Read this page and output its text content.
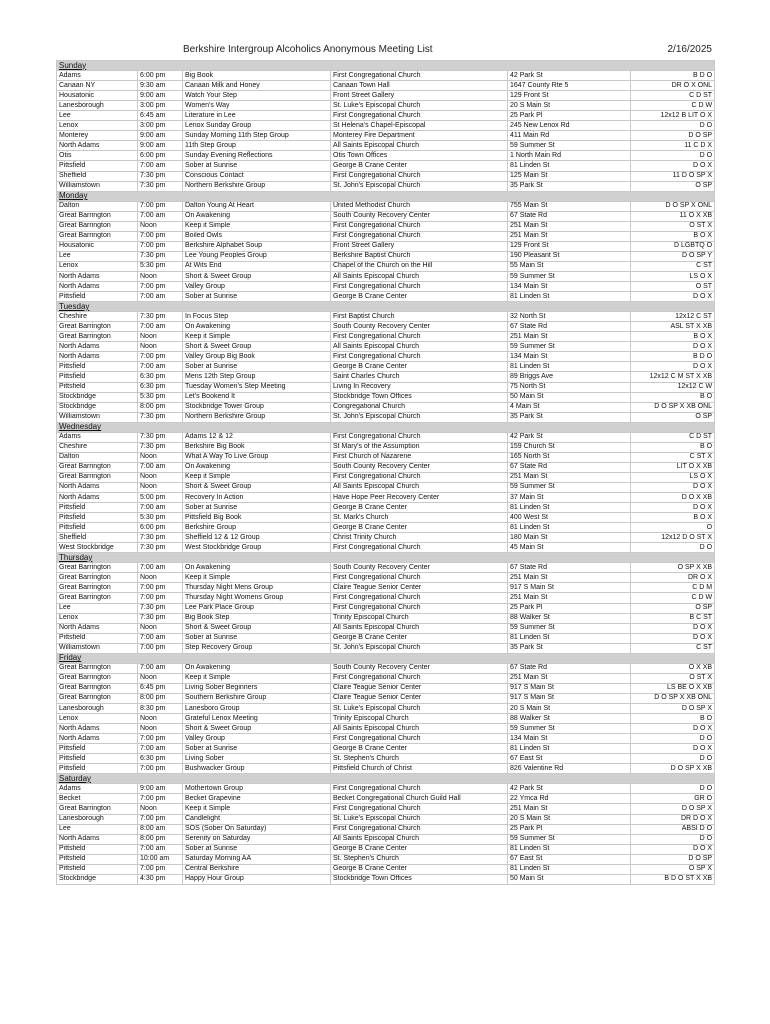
Berkshire Intergroup Alcoholics Anonymous Meeting List	2/16/2025
Sunday					
Adams	6:00 pm	Big Book	First Congregational Church	42 Park St	B D O
Canaan NY	9:30 am	Canaan Milk and Honey	Canaan Town Hall	1647 County Rte 5	DR O X ONL
Housatonic	9:00 am	Watch Your Step	Front Street Gallery	129 Front St	C D ST
Lanesborough	3:00 pm	Women's Way	St. Luke's Episcopal Church	20 S Main St	C D W
Lee	6:45 am	Literature in Lee	First Congregational Church	25 Park Pl	12x12 B LIT O X
Lenox	3:00 pm	Lenox Sunday Group	St Helena's Chapel-Episcopal	245 New Lenox Rd	D O
Monterey	9:00 am	Sunday Morning 11th Step Group	Monterey Fire Department	411 Main Rd	D O SP
North Adams	9:00 am	11th Step Group	All Saints Episcopal Church	59 Summer St	11 C D X
Otis	6:00 pm	Sunday Evening Reflections	Otis Town Offices	1 North Main Rd	D O
Pittsfield	7:00 am	Sober at Sunrise	George B Crane Center	81 Linden St	D O X
Sheffield	7:30 pm	Conscious Contact	First Congregational Church	125 Main St	11 D O SP X
Williamstown	7:30 pm	Northern Berkshire Group	St. John's Episcopal Church	35 Park St	O SP
Monday					
Dalton	7:00 pm	Dalton Young At Heart	United Methodist Church	755 Main St	D O SP X ONL
Great Barrington	7:00 am	On Awakening	South County Recovery Center	67 State Rd	11 O X XB
Great Barrington	Noon	Keep it Simple	First Congregational Church	251 Main St	O ST X
Great Barrington	7:00 pm	Boiled Owls	First Congregational Church	251 Main St	B O X
Housatonic	7:00 pm	Berkshire Alphabet Soup	Front Street Gallery	129 Front St	D LGBTQ O
Lee	7:30 pm	Lee Young Peoples Group	Berkshire Baptist Church	190 Pleasant St	D O SP Y
Lenox	5:30 pm	At Wits End	Chapel of the Church on the Hill	55 Main St	C ST
North Adams	Noon	Short & Sweet Group	All Saints Episcopal Church	59 Summer St	LS O X
North Adams	7:00 pm	Valley Group	First Congregational Church	134 Main St	O ST
Pittsfield	7:00 am	Sober at Sunrise	George B Crane Center	81 Linden St	D O X
Tuesday					
Cheshire	7:30 pm	In Focus Step	First Baptist Church	32 North St	12x12 C ST
Great Barrington	7:00 am	On Awakening	South County Recovery Center	67 State Rd	ASL ST X XB
Great Barrington	Noon	Keep it Simple	First Congregational Church	251 Main St	B O X
North Adams	Noon	Short & Sweet Group	All Saints Episcopal Church	59 Summer St	D O X
North Adams	7:00 pm	Valley Group Big Book	First Congregational Church	134 Main St	B D O
Pittsfield	7:00 am	Sober at Sunrise	George B Crane Center	81 Linden St	D O X
Pittsfield	6:30 pm	Mens 12th Step Group	Saint Charles Church	89 Briggs Ave	12x12 C M ST X XB
Pittsfield	6:30 pm	Tuesday Women's Step Meeting	Living In Recovery	75 North St	12x12 C W
Stockbridge	5:30 pm	Let's Bookend It	Stockbridge Town Offices	50 Main St	B O
Stockbridge	8:00 pm	Stockbridge Tower Group	Congregational Church	4 Main St	D O SP X XB ONL
Williamstown	7:30 pm	Northern Berkshire Group	St. John's Episcopal Church	35 Park St	O SP
Wednesday					
Adams	7:30 pm	Adams 12 & 12	First Congregational Church	42 Park St	C D ST
Cheshire	7:30 pm	Berkshire Big Book	St Mary's of the Assumption	159 Church St	B O
Dalton	Noon	What A Way To Live Group	First Church of Nazarene	165 North St	C ST X
Great Barrington	7:00 am	On Awakening	South County Recovery Center	67 State Rd	LIT O X XB
Great Barrington	Noon	Keep it Simple	First Congregational Church	251 Main St	LS O X
North Adams	Noon	Short & Sweet Group	All Saints Episcopal Church	59 Summer St	D O X
North Adams	5:00 pm	Recovery In Action	Have Hope Peer Recovery Center	37 Main St	D O X XB
Pittsfield	7:00 am	Sober at Sunrise	George B Crane Center	81 Linden St	D O X
Pittsfield	5:30 pm	Pittsfield Big Book	St. Mark's Church	400 West St	B O X
Pittsfield	6:00 pm	Berkshire Group	George B Crane Center	81 Linden St	O
Sheffield	7:30 pm	Sheffield 12 & 12 Group	Christ Trinity Church	180 Main St	12x12 D O ST X
West Stockbridge	7:30 pm	West Stockbridge Group	First Congregational Church	45 Main St	D O
Thursday					
Great Barrington	7:00 am	On Awakening	South County Recovery Center	67 State Rd	O SP X XB
Great Barrington	Noon	Keep it Simple	First Congregational Church	251 Main St	DR O X
Great Barrington	7:00 pm	Thursday Night Mens Group	Claire Teague Senior Center	917 S Main St	C D M
Great Barrington	7:00 pm	Thursday Night Womens Group	First Congregational Church	251 Main St	C D W
Lee	7:30 pm	Lee Park Place Group	First Congregational Church	25 Park Pl	O SP
Lenox	7:30 pm	Big Book Step	Trinity Episcopal Church	88 Walker St	B C ST
North Adams	Noon	Short & Sweet Group	All Saints Episcopal Church	59 Summer St	D O X
Pittsfield	7:00 am	Sober at Sunrise	George B Crane Center	81 Linden St	D O X
Williamstown	7:00 pm	Step Recovery Group	St. John's Episcopal Church	35 Park St	C ST
Friday					
Great Barrington	7:00 am	On Awakening	South County Recovery Center	67 State Rd	O X XB
Great Barrington	Noon	Keep it Simple	First Congregational Church	251 Main St	O ST X
Great Barrington	6:45 pm	Living Sober Beginners	Claire Teague Senior Center	917 S Main St	LS BE O X XB
Great Barrington	8:00 pm	Southern Berkshire Group	Claire Teague Senior Center	917 S Main St	D O SP X XB ONL
Lanesborough	8:30 pm	Lanesboro Group	St. Luke's Episcopal Church	20 S Main St	D O SP X
Lenox	Noon	Grateful Lenox Meeting	Trinity Episcopal Church	88 Walker St	B O
North Adams	Noon	Short & Sweet Group	All Saints Episcopal Church	59 Summer St	D O X
North Adams	7:00 pm	Valley Group	First Congregational Church	134 Main St	D O
Pittsfield	7:00 am	Sober at Sunrise	George B Crane Center	81 Linden St	D O X
Pittsfield	6:30 pm	Living Sober	St. Stephen's Church	67 East St	D O
Pittsfield	7:00 pm	Bushwacker Group	Pittsfield Church of Christ	826 Valentine Rd	D O SP X XB
Saturday					
Adams	9:00 am	Mothertown Group	First Congregational Church	42 Park St	D O
Becket	7:00 pm	Becket Grapevine	Becket Congregational Church Guild Hall	22 Ymca Rd	GR O
Great Barrington	Noon	Keep it Simple	First Congregational Church	251 Main St	D O SP X
Lanesborough	7:00 pm	Candlelight	St. Luke's Episcopal Church	20 S Main St	DR D O X
Lee	8:00 am	SOS (Sober On Saturday)	First Congregational Church	25 Park Pl	ABSI D O
North Adams	8:00 pm	Serenity on Saturday	All Saints Episcopal Church	59 Summer St	D O
Pittsfield	7:00 am	Sober at Sunrise	George B Crane Center	81 Linden St	D O X
Pittsfield	10:00 am	Saturday Morning AA	St. Stephen's Church	67 East St	D O SP
Pittsfield	7:00 pm	Central Berkshire	George B Crane Center	81 Linden St	O SP X
Stockbridge	4:30 pm	Happy Hour Group	Stockbridge Town Offices	50 Main St	B D O ST X XB
